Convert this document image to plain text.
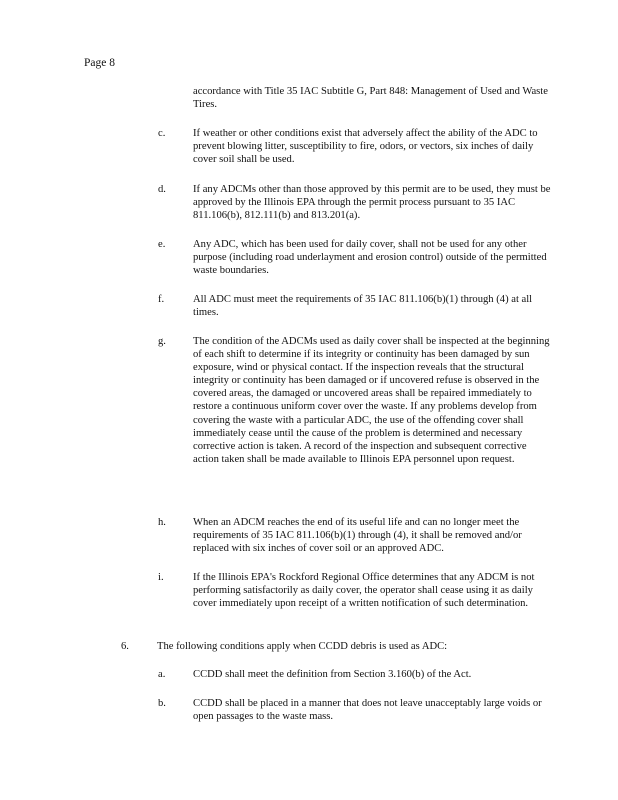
Page 8
accordance with Title 35 IAC Subtitle G, Part 848: Management of Used and Waste Tires.
c.	If weather or other conditions exist that adversely affect the ability of the ADC to prevent blowing litter, susceptibility to fire, odors, or vectors, six inches of daily cover soil shall be used.
d.	If any ADCMs other than those approved by this permit are to be used, they must be approved by the Illinois EPA through the permit process pursuant to 35 IAC 811.106(b), 812.111(b) and 813.201(a).
e.	Any ADC, which has been used for daily cover, shall not be used for any other purpose (including road underlayment and erosion control) outside of the permitted waste boundaries.
f.	All ADC must meet the requirements of 35 IAC 811.106(b)(1) through (4) at all times.
g.	The condition of the ADCMs used as daily cover shall be inspected at the beginning of each shift to determine if its integrity or continuity has been damaged by sun exposure, wind or physical contact. If the inspection reveals that the structural integrity or continuity has been damaged or if uncovered refuse is observed in the covered areas, the damaged or uncovered areas shall be repaired immediately to restore a continuous uniform cover over the waste. If any problems develop from covering the waste with a particular ADC, the use of the offending cover shall immediately cease until the cause of the problem is determined and necessary corrective action is taken. A record of the inspection and subsequent corrective action taken shall be made available to Illinois EPA personnel upon request.
h.	When an ADCM reaches the end of its useful life and can no longer meet the requirements of 35 IAC 811.106(b)(1) through (4), it shall be removed and/or replaced with six inches of cover soil or an approved ADC.
i.	If the Illinois EPA's Rockford Regional Office determines that any ADCM is not performing satisfactorily as daily cover, the operator shall cease using it as daily cover immediately upon receipt of a written notification of such determination.
6.	The following conditions apply when CCDD debris is used as ADC:
a.	CCDD shall meet the definition from Section 3.160(b) of the Act.
b.	CCDD shall be placed in a manner that does not leave unacceptably large voids or open passages to the waste mass.
